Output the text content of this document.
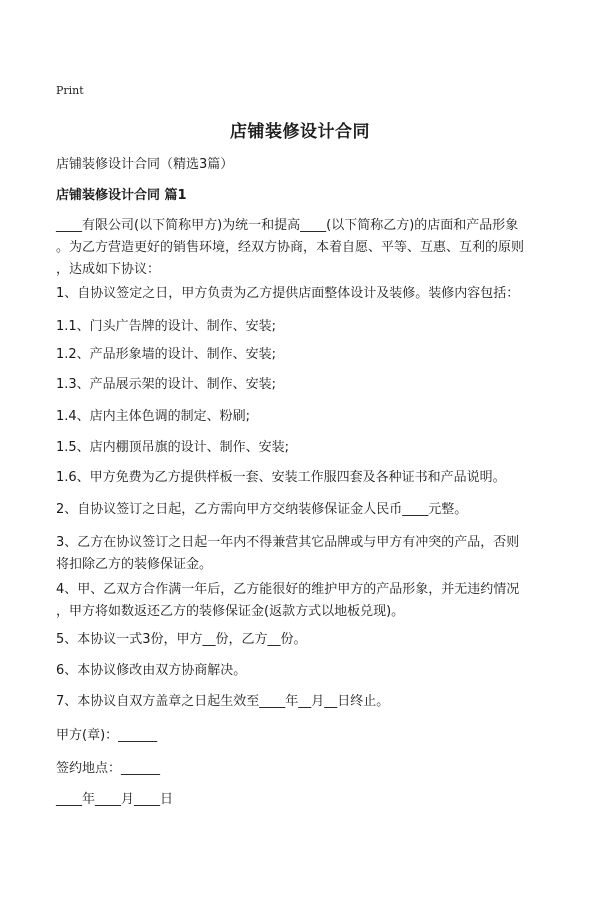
Print
店铺装修设计合同
店铺装修设计合同（精选3篇）
店铺装修设计合同 篇1
____有限公司(以下简称甲方)为统一和提高____(以下简称乙方)的店面和产品形象
。为乙方营造更好的销售环境，经双方协商，本着自愿、平等、互惠、互利的原则
，达成如下协议：
1、自协议签定之日，甲方负责为乙方提供店面整体设计及装修。装修内容包括：
1.1、门头广告牌的设计、制作、安装;
1.2、产品形象墙的设计、制作、安装;
1.3、产品展示架的设计、制作、安装;
1.4、店内主体色调的制定、粉刷;
1.5、店内棚顶吊旗的设计、制作、安装;
1.6、甲方免费为乙方提供样板一套、安装工作服四套及各种证书和产品说明。
2、自协议签订之日起，乙方需向甲方交纳装修保证金人民币____元整。
3、乙方在协议签订之日起一年内不得兼营其它品牌或与甲方有冲突的产品，否则
将扣除乙方的装修保证金。
4、甲、乙双方合作满一年后，乙方能很好的维护甲方的产品形象，并无违约情况
，甲方将如数返还乙方的装修保证金(返款方式以地板兑现)。
5、本协议一式3份，甲方__份，乙方__份。
6、本协议修改由双方协商解决。
7、本协议自双方盖章之日起生效至____年__月__日终止。
甲方(章)：______
签约地点：______
____年____月____日
